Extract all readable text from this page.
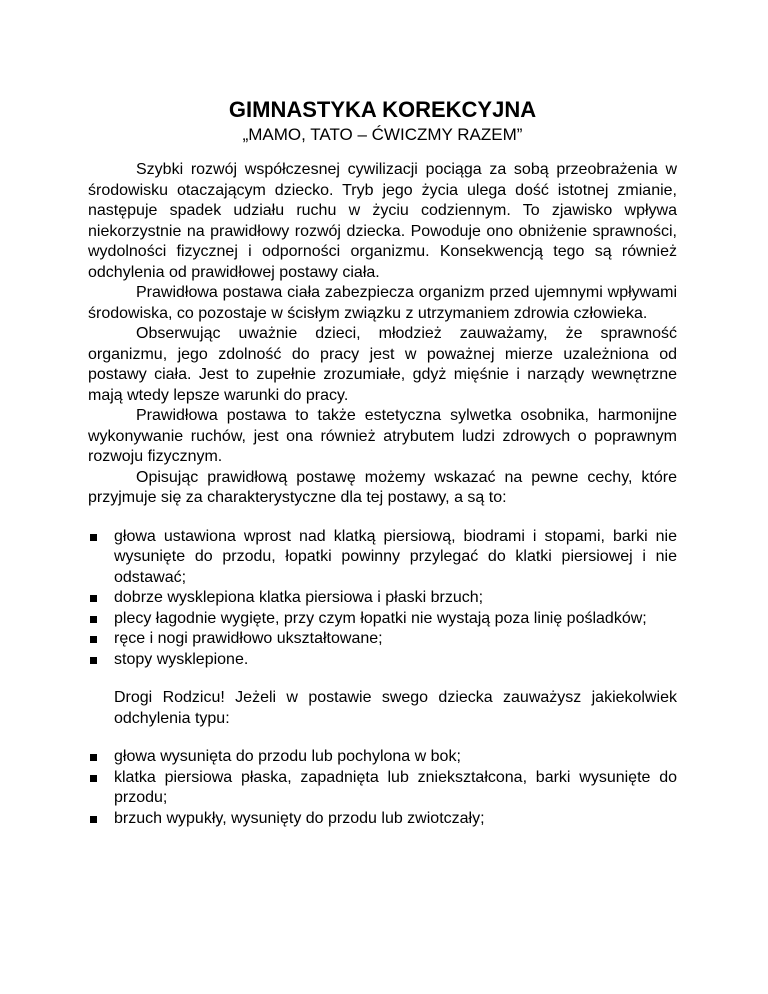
GIMNASTYKA KOREKCYJNA

„MAMO, TATO – ĆWICZMY RAZEM”

Szybki rozwój współczesnej cywilizacji pociąga za sobą przeobrażenia w środowisku otaczającym dziecko. Tryb jego życia ulega dość istotnej zmianie, następuje spadek udziału ruchu w życiu codziennym. To zjawisko wpływa niekorzystnie na prawidłowy rozwój dziecka. Powoduje ono obniżenie sprawności, wydolności fizycznej i odporności organizmu. Konsekwencją tego są również odchylenia od prawidłowej postawy ciała.

Prawidłowa postawa ciała zabezpiecza organizm przed ujemnymi wpływami środowiska, co pozostaje w ścisłym związku z utrzymaniem zdrowia człowieka.

Obserwując uważnie dzieci, młodzież zauważamy, że sprawność organizmu, jego zdolność do pracy jest w poważnej mierze uzależniona od postawy ciała. Jest to zupełnie zrozumiałe, gdyż mięśnie i narządy wewnętrzne mają wtedy lepsze warunki do pracy.

Prawidłowa postawa to także estetyczna sylwetka osobnika, harmonijne wykonywanie ruchów, jest ona również atrybutem ludzi zdrowych o poprawnym rozwoju fizycznym.

Opisując prawidłową postawę możemy wskazać na pewne cechy, które przyjmuje się za charakterystyczne dla tej postawy, a są to:

głowa ustawiona wprost nad klatką piersiową, biodrami i stopami, barki nie wysunięte do przodu, łopatki powinny przylegać do klatki piersiowej i nie odstawać;
dobrze wysklepiona klatka piersiowa i płaski brzuch;
plecy łagodnie wygięte, przy czym łopatki nie wystają poza linię pośladków;
ręce i nogi prawidłowo ukształtowane;
stopy wysklepione.

Drogi Rodzicu! Jeżeli w postawie swego dziecka zauważysz jakiekolwiek odchylenia typu:

głowa wysunięta do przodu lub pochylona w bok;
klatka piersiowa płaska, zapadnięta lub zniekształcona, barki wysunięte do przodu;
brzuch wypukły, wysunięty do przodu lub zwiotczały;
